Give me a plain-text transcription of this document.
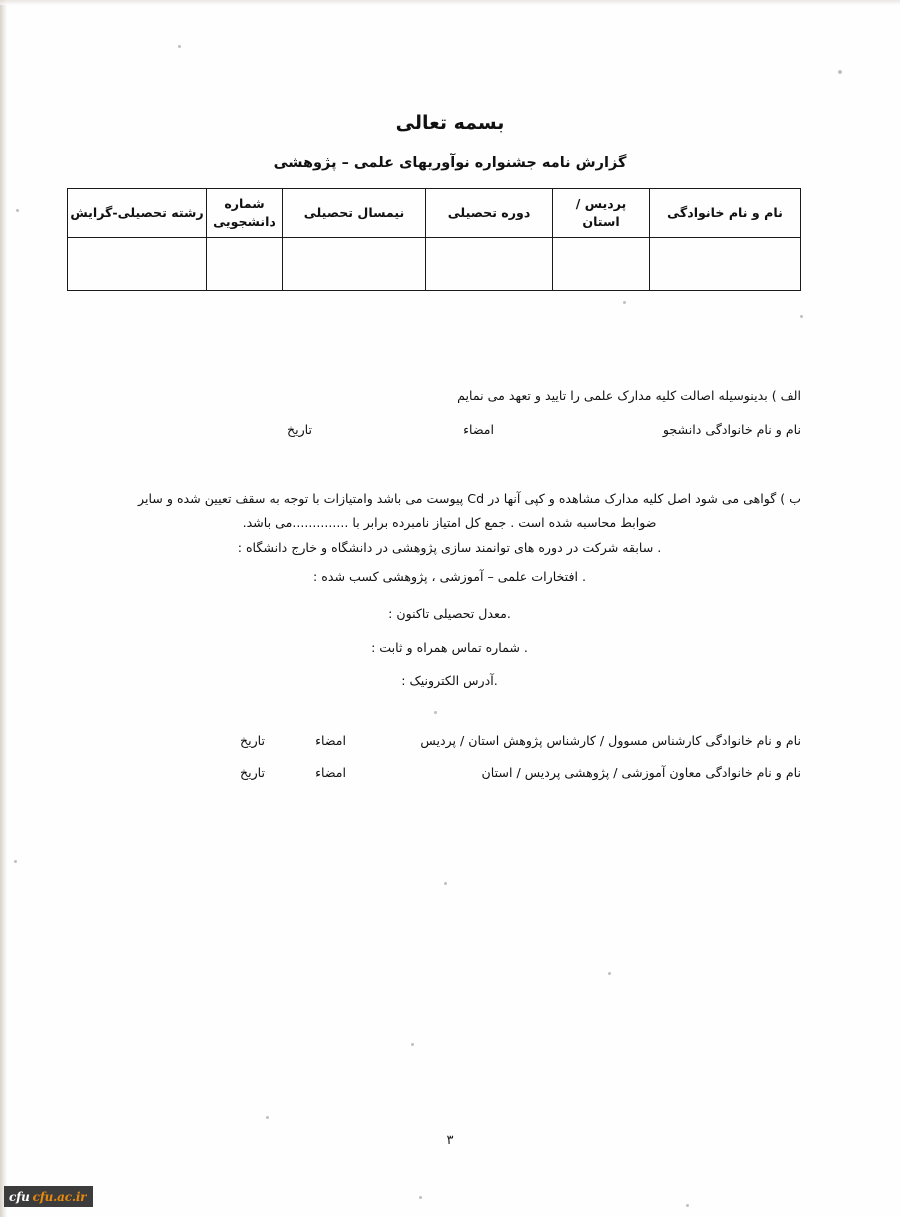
بسمه تعالی
گزارش نامه جشنواره نوآوریهای علمی – پژوهشی
نام و نام خانوادگی	پردیس / استان	دوره تحصیلی	نیمسال تحصیلی	شماره دانشجویی	رشته تحصیلی-گرایش

الف ) بدینوسیله اصالت کلیه مدارک علمی را تایید و تعهد می نمایم
نام و نام خانوادگی دانشجو
امضاء
تاریخ
ب ) گواهی می شود اصل کلیه مدارک مشاهده و کپی آنها در Cd پیوست می باشد وامتیازات با توجه به سقف تعیین شده و سایر
ضوابط محاسبه شده است . جمع کل امتیاز نامبرده برابر با ..............می باشد.
. سابقه شرکت در دوره های توانمند سازی پژوهشی در دانشگاه و خارج دانشگاه :
. افتخارات علمی – آموزشی ، پژوهشی کسب شده :
.معدل تحصیلی تاکنون :
. شماره تماس همراه و ثابت :
.آدرس الکترونیک :
نام و نام خانوادگی کارشناس مسوول / کارشناس پژوهش استان / پردیس
امضاء
تاریخ
نام و نام خانوادگی معاون آموزشی / پژوهشی پردیس / استان
امضاء
تاریخ
۳
cfu cfu.ac.ir
